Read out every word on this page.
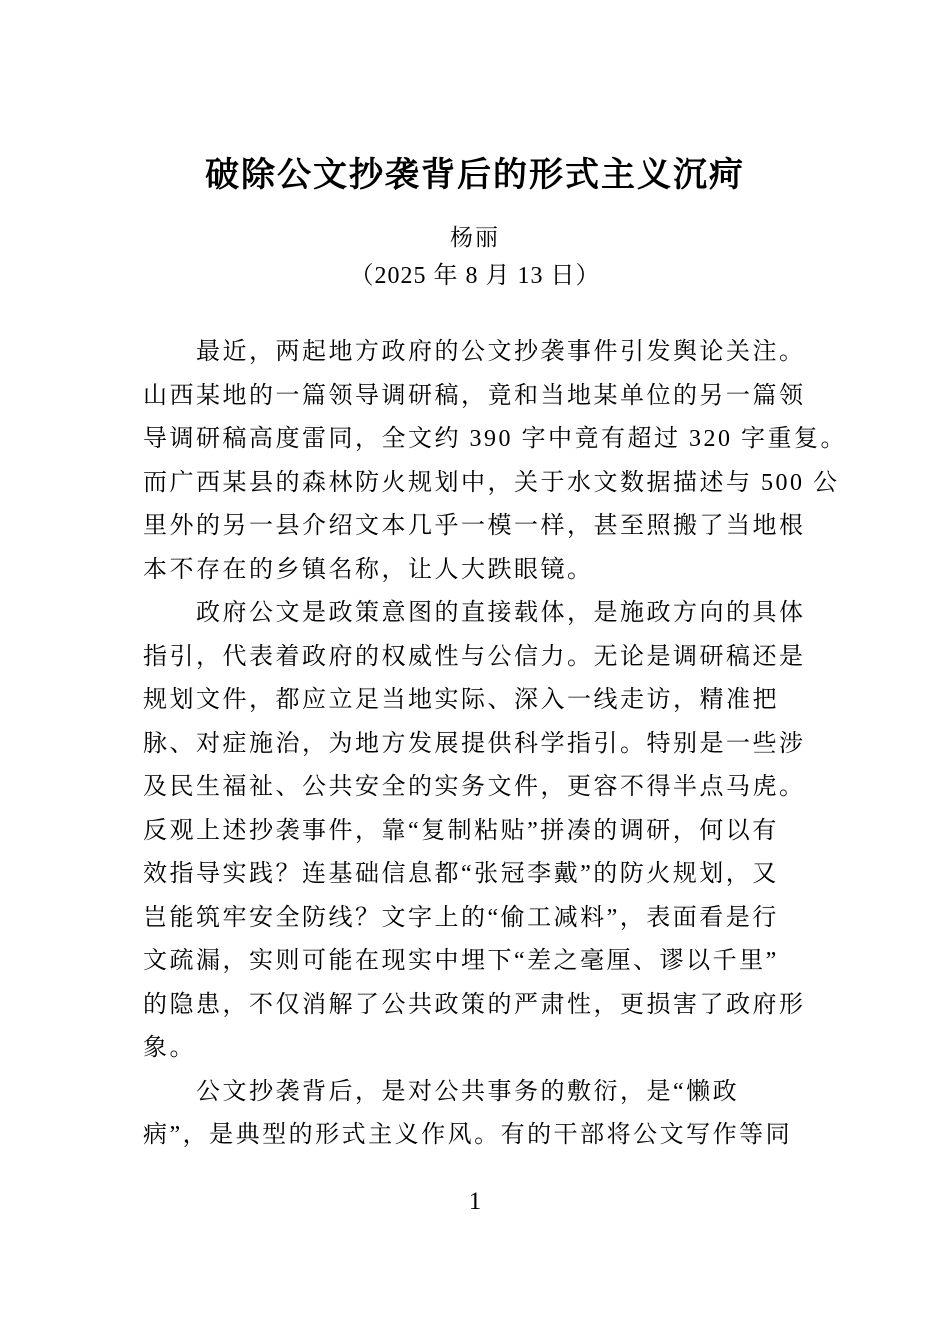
破除公文抄袭背后的形式主义沉疴
杨丽
（2025 年 8 月 13 日）
最近，两起地方政府的公文抄袭事件引发舆论关注。
山西某地的一篇领导调研稿，竟和当地某单位的另一篇领
导调研稿高度雷同，全文约 390 字中竟有超过 320 字重复。
而广西某县的森林防火规划中，关于水文数据描述与 500 公
里外的另一县介绍文本几乎一模一样，甚至照搬了当地根
本不存在的乡镇名称，让人大跌眼镜。
政府公文是政策意图的直接载体，是施政方向的具体
指引，代表着政府的权威性与公信力。无论是调研稿还是
规划文件，都应立足当地实际、深入一线走访，精准把
脉、对症施治，为地方发展提供科学指引。特别是一些涉
及民生福祉、公共安全的实务文件，更容不得半点马虎。
反观上述抄袭事件，靠“复制粘贴”拼凑的调研，何以有
效指导实践？连基础信息都“张冠李戴”的防火规划，又
岂能筑牢安全防线？文字上的“偷工减料”，表面看是行
文疏漏，实则可能在现实中埋下“差之毫厘、谬以千里”
的隐患，不仅消解了公共政策的严肃性，更损害了政府形
象。
公文抄袭背后，是对公共事务的敷衍，是“懒政
病”，是典型的形式主义作风。有的干部将公文写作等同
1
